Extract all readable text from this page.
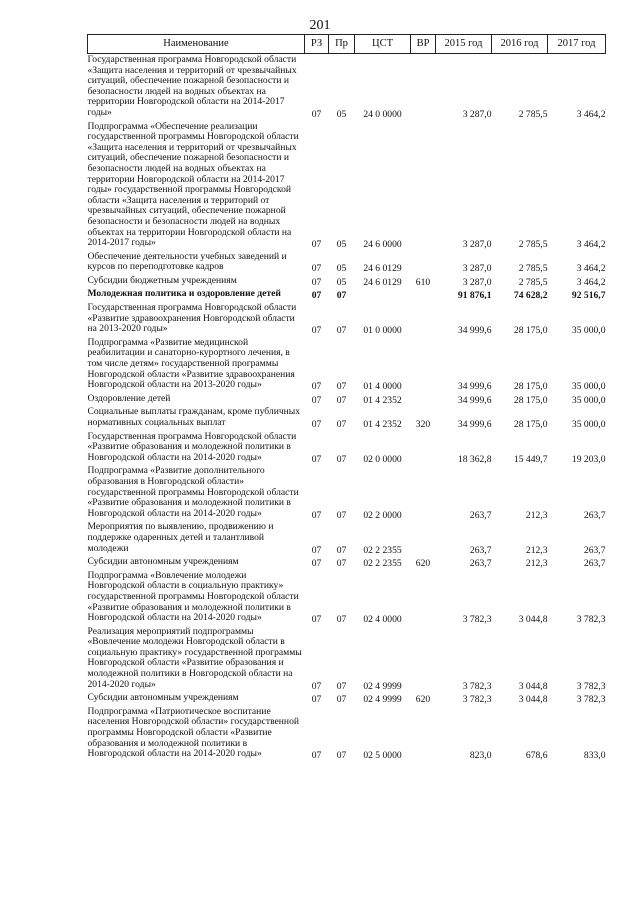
201
Наименование	РЗ	Пр	ЦСТ	ВР	2015 год	2016 год	2017 год
Государственная программа Новгородской области «Защита населения и территорий от чрезвычайных ситуаций, обеспечение пожарной безопасности и безопасности людей на водных объектах на территории Новгородской области на 2014-2017 годы»	07	05	24 0 0000		3 287,0	2 785,5	3 464,2
Подпрограмма «Обеспечение реализации государственной программы Новгородской области «Защита населения и территорий от чрезвычайных ситуаций, обеспечение пожарной безопасности и безопасности людей на водных объектах на территории Новгородской области на 2014-2017 годы» государственной программы Новгородской области «Защита населения и территорий от чрезвычайных ситуаций, обеспечение пожарной безопасности и безопасности людей на водных объектах на территории Новгородской области на 2014-2017 годы»	07	05	24 6 0000		3 287,0	2 785,5	3 464,2
Обеспечение деятельности учебных заведений и курсов по переподготовке кадров	07	05	24 6 0129		3 287,0	2 785,5	3 464,2
Субсидии бюджетным учреждениям	07	05	24 6 0129	610	3 287,0	2 785,5	3 464,2
Молодежная политика и оздоровление детей	07	07			91 876,1	74 628,2	92 516,7
Государственная программа Новгородской области «Развитие здравоохранения Новгородской области на 2013-2020 годы»	07	07	01 0 0000		34 999,6	28 175,0	35 000,0
Подпрограмма «Развитие медицинской реабилитации и санаторно-курортного лечения, в том числе детям» государственной программы Новгородской области «Развитие здравоохранения Новгородской области на 2013-2020 годы»	07	07	01 4 0000		34 999,6	28 175,0	35 000,0
Оздоровление детей	07	07	01 4 2352		34 999,6	28 175,0	35 000,0
Социальные выплаты гражданам, кроме публичных нормативных социальных выплат	07	07	01 4 2352	320	34 999,6	28 175,0	35 000,0
Государственная программа Новгородской области «Развитие образования и молодежной политики в Новгородской области на 2014-2020 годы»	07	07	02 0 0000		18 362,8	15 449,7	19 203,0
Подпрограмма «Развитие дополнительного образования в Новгородской области» государственной программы Новгородской области «Развитие образования и молодежной политики в Новгородской области на 2014-2020 годы»	07	07	02 2 0000		263,7	212,3	263,7
Мероприятия по выявлению, продвижению и поддержке одаренных детей и талантливой молодежи	07	07	02 2 2355		263,7	212,3	263,7
Субсидии автономным учреждениям	07	07	02 2 2355	620	263,7	212,3	263,7
Подпрограмма «Вовлечение молодежи Новгородской области в социальную практику» государственной программы Новгородской области «Развитие образования и молодежной политики в Новгородской области на 2014-2020 годы»	07	07	02 4 0000		3 782,3	3 044,8	3 782,3
Реализация мероприятий подпрограммы «Вовлечение молодежи Новгородской области в социальную практику» государственной программы Новгородской области «Развитие образования и молодежной политики в Новгородской области на 2014-2020 годы»	07	07	02 4 9999		3 782,3	3 044,8	3 782,3
Субсидии автономным учреждениям	07	07	02 4 9999	620	3 782,3	3 044,8	3 782,3
Подпрограмма «Патриотическое воспитание населения Новгородской области» государственной программы Новгородской области «Развитие образования и молодежной политики в Новгородской области на 2014-2020 годы»	07	07	02 5 0000		823,0	678,6	833,0
